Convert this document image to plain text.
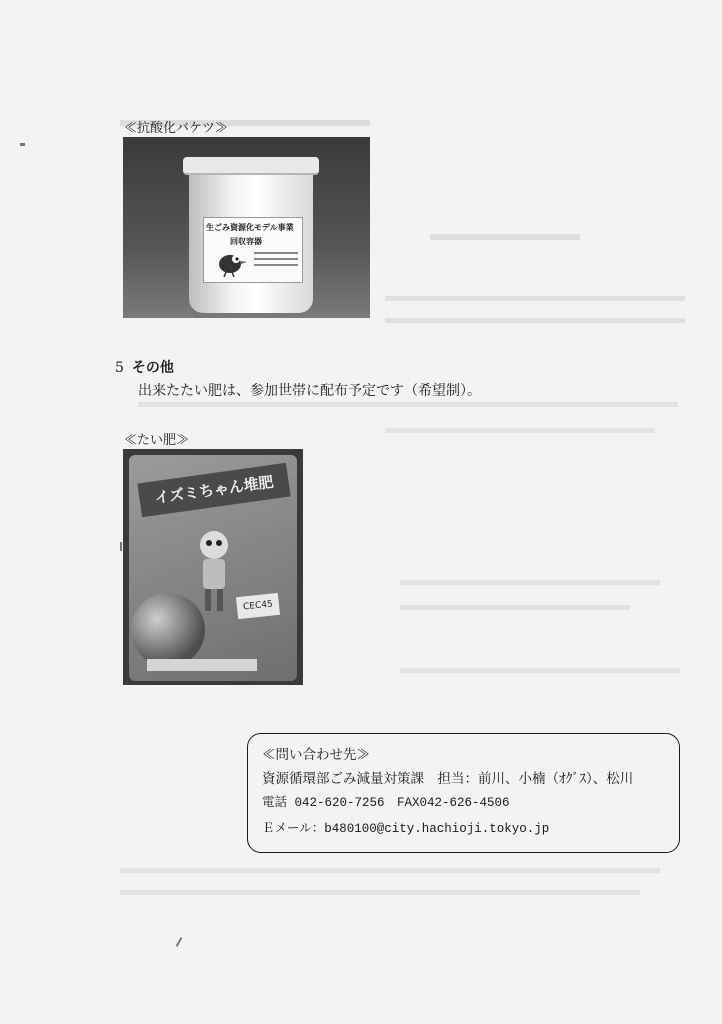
≪抗酸化バケツ≫
生ごみ資源化モデル事業
回収容器
5 その他
出来たたい肥は、参加世帯に配布予定です（希望制）。
≪たい肥≫
イズミちゃん堆肥
CEC45
≪問い合わせ先≫
資源循環部ごみ減量対策課　担当：前川、小楠（ｵｸﾞｽ）、松川
電話 042-620-7256　FAX042-626-4506
Ｅメール：b480100@city.hachioji.tokyo.jp
